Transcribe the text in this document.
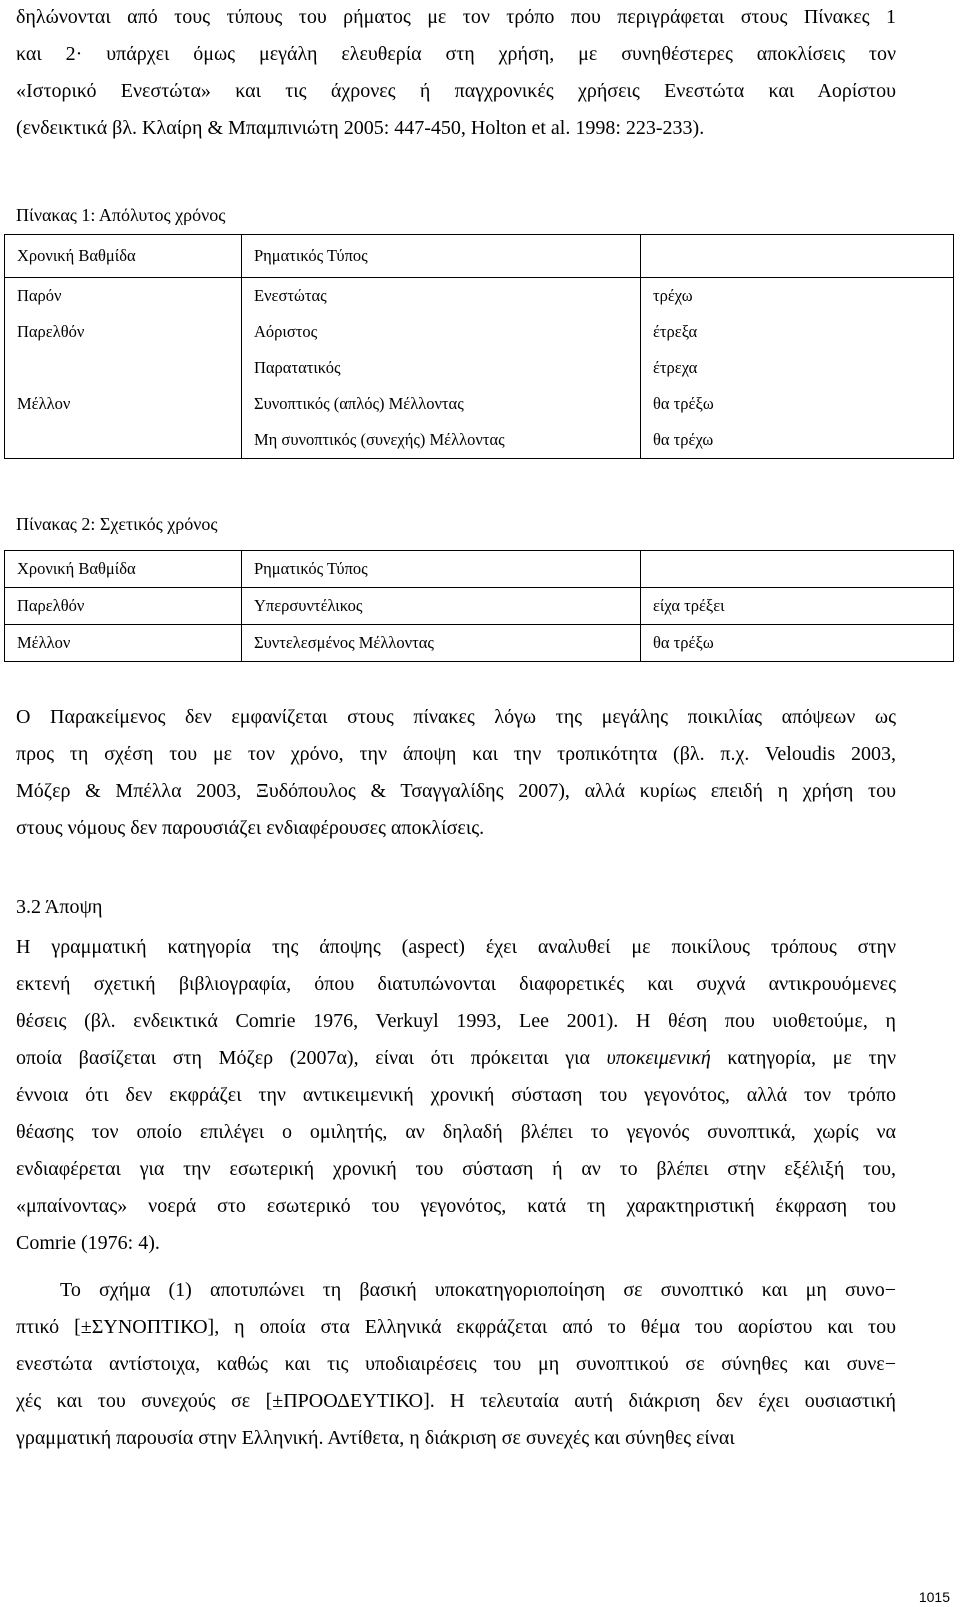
δηλώνονται από τους τύπους του ρήματος με τον τρόπο που περιγράφεται στους Πίνακες 1
και 2· υπάρχει όμως μεγάλη ελευθερία στη χρήση, με συνηθέστερες αποκλίσεις τον
«Ιστορικό Ενεστώτα» και τις άχρονες ή παγχρονικές χρήσεις Ενεστώτα και Αορίστου
(ενδεικτικά βλ. Κλαίρη & Μπαμπινιώτη 2005: 447-450, Holton et al. 1998: 223-233).
Πίνακας 1: Απόλυτος χρόνος
Χρονική Βαθμίδα	Ρηματικός Τύπος	
Παρόν	Ενεστώτας	τρέχω
Παρελθόν	Αόριστος	έτρεξα
	Παρατατικός	έτρεχα
Μέλλον	Συνοπτικός (απλός) Μέλλοντας	θα τρέξω
	Μη συνοπτικός (συνεχής) Μέλλοντας	θα τρέχω
Πίνακας 2: Σχετικός χρόνος
Χρονική Βαθμίδα	Ρηματικός Τύπος	
Παρελθόν	Υπερσυντέλικος	είχα τρέξει
Μέλλον	Συντελεσμένος Μέλλοντας	θα τρέξω
Ο Παρακείμενος δεν εμφανίζεται στους πίνακες λόγω της μεγάλης ποικιλίας απόψεων ως
προς τη σχέση του με τον χρόνο, την άποψη και την τροπικότητα (βλ. π.χ. Veloudis 2003,
Μόζερ & Μπέλλα 2003, Ξυδόπουλος & Τσαγγαλίδης 2007), αλλά κυρίως επειδή η χρήση του
στους νόμους δεν παρουσιάζει ενδιαφέρουσες αποκλίσεις.
3.2 Άποψη
Η γραμματική κατηγορία της άποψης (aspect) έχει αναλυθεί με ποικίλους τρόπους στην
εκτενή σχετική βιβλιογραφία, όπου διατυπώνονται διαφορετικές και συχνά αντικρουόμενες
θέσεις (βλ. ενδεικτικά Comrie 1976, Verkuyl 1993, Lee 2001). Η θέση που υιοθετούμε, η
οποία βασίζεται στη Μόζερ (2007α), είναι ότι πρόκειται για υποκειμενική κατηγορία, με την
έννοια ότι δεν εκφράζει την αντικειμενική χρονική σύσταση του γεγονότος, αλλά τον τρόπο
θέασης τον οποίο επιλέγει ο ομιλητής, αν δηλαδή βλέπει το γεγονός συνοπτικά, χωρίς να
ενδιαφέρεται για την εσωτερική χρονική του σύσταση ή αν το βλέπει στην εξέλιξή του,
«μπαίνοντας» νοερά στο εσωτερικό του γεγονότος, κατά τη χαρακτηριστική έκφραση του
Comrie (1976: 4).
Το σχήμα (1) αποτυπώνει τη βασική υποκατηγοριοποίηση σε συνοπτικό και μη συνο−
πτικό [±ΣΥΝΟΠΤΙΚΟ], η οποία στα Ελληνικά εκφράζεται από το θέμα του αορίστου και του
ενεστώτα αντίστοιχα, καθώς και τις υποδιαιρέσεις του μη συνοπτικού σε σύνηθες και συνε−
χές και του συνεχούς σε [±ΠΡΟΟΔΕΥΤΙΚΟ]. Η τελευταία αυτή διάκριση δεν έχει ουσιαστική
γραμματική παρουσία στην Ελληνική. Αντίθετα, η διάκριση σε συνεχές και σύνηθες είναι
1015
